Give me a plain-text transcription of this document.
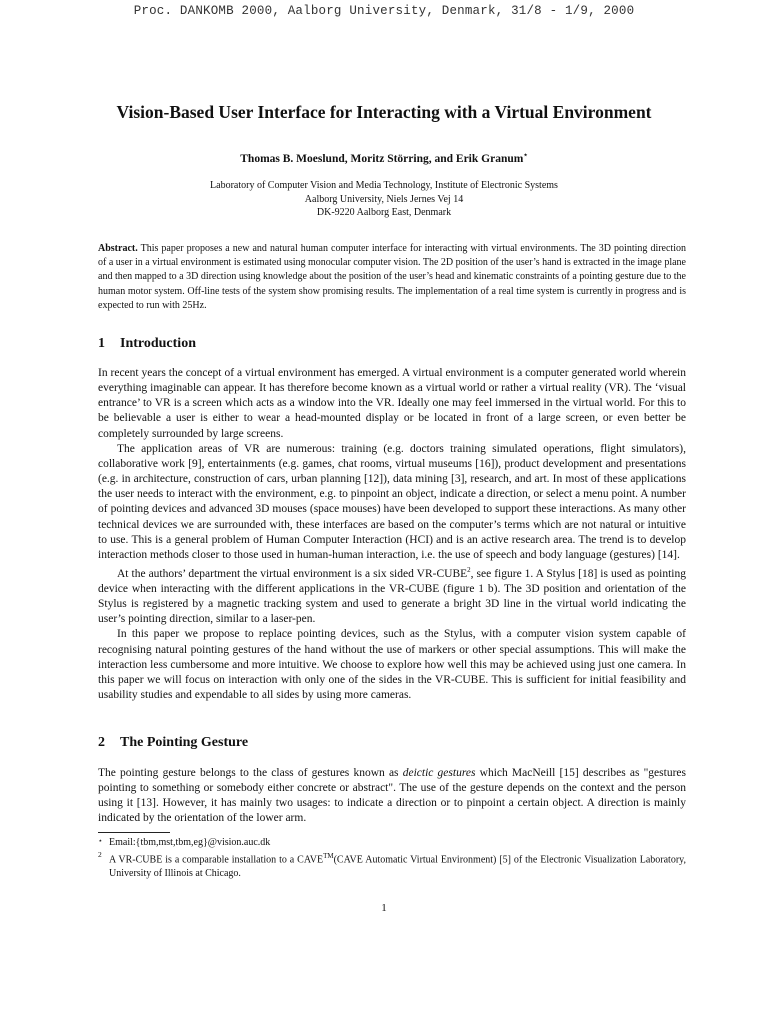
Proc. DANKOMB 2000, Aalborg University, Denmark, 31/8 - 1/9, 2000
Vision-Based User Interface for Interacting with a Virtual Environment
Thomas B. Moeslund, Moritz Störring, and Erik Granum⋆
Laboratory of Computer Vision and Media Technology, Institute of Electronic Systems
Aalborg University, Niels Jernes Vej 14
DK-9220 Aalborg East, Denmark
Abstract. This paper proposes a new and natural human computer interface for interacting with virtual environments. The 3D pointing direction of a user in a virtual environment is estimated using monocular computer vision. The 2D position of the user’s hand is extracted in the image plane and then mapped to a 3D direction using knowledge about the position of the user’s head and kinematic constraints of a pointing gesture due to the human motor system. Off-line tests of the system show promising results. The implementation of a real time system is currently in progress and is expected to run with 25Hz.
1 Introduction

In recent years the concept of a virtual environment has emerged. A virtual environment is a computer generated world wherein everything imaginable can appear. It has therefore become known as a virtual world or rather a virtual reality (VR). The ‘visual entrance’ to VR is a screen which acts as a window into the VR. Ideally one may feel immersed in the virtual world. For this to be believable a user is either to wear a head-mounted display or be located in front of a large screen, or even better be completely surrounded by large screens.

The application areas of VR are numerous: training (e.g. doctors training simulated operations, flight simulators), collaborative work [9], entertainments (e.g. games, chat rooms, virtual museums [16]), product development and presentations (e.g. in architecture, construction of cars, urban planning [12]), data mining [3], research, and art. In most of these applications the user needs to interact with the environment, e.g. to pinpoint an object, indicate a direction, or select a menu point. A number of pointing devices and advanced 3D mouses (space mouses) have been developed to support these interactions. As many other technical devices we are surrounded with, these interfaces are based on the computer’s terms which are not natural or intuitive to use. This is a general problem of Human Computer Interaction (HCI) and is an active research area. The trend is to develop interaction methods closer to those used in human-human interaction, i.e. the use of speech and body language (gestures) [14].

At the authors’ department the virtual environment is a six sided VR-CUBE$^2$, see figure 1. A Stylus [18] is used as pointing device when interacting with the different applications in the VR-CUBE (figure 1 b). The 3D position and orientation of the Stylus is registered by a magnetic tracking system and used to generate a bright 3D line in the virtual world indicating the user’s pointing direction, similar to a laser-pen.

In this paper we propose to replace pointing devices, such as the Stylus, with a computer vision system capable of recognising natural pointing gestures of the hand without the use of markers or other special assumptions. This will make the interaction less cumbersome and more intuitive. We choose to explore how well this may be achieved using just one camera. In this paper we will focus on interaction with only one of the sides in the VR-CUBE. This is sufficient for initial feasibility and usability studies and expendable to all sides by using more cameras.

2 The Pointing Gesture

The pointing gesture belongs to the class of gestures known as deictic gestures which MacNeill [15] describes as "gestures pointing to something or somebody either concrete or abstract". The use of the gesture depends on the context and the person using it [13]. However, it has mainly two usages: to indicate a direction or to pinpoint a certain object. A direction is mainly indicated by the orientation of the lower arm.

⋆ Email:{tbm,mst,tbm,eg}@vision.auc.dk
2 A VR-CUBE is a comparable installation to a CAVE™(CAVE Automatic Virtual Environment) [5] of the Electronic Visualization Laboratory, University of Illinois at Chicago.
1
